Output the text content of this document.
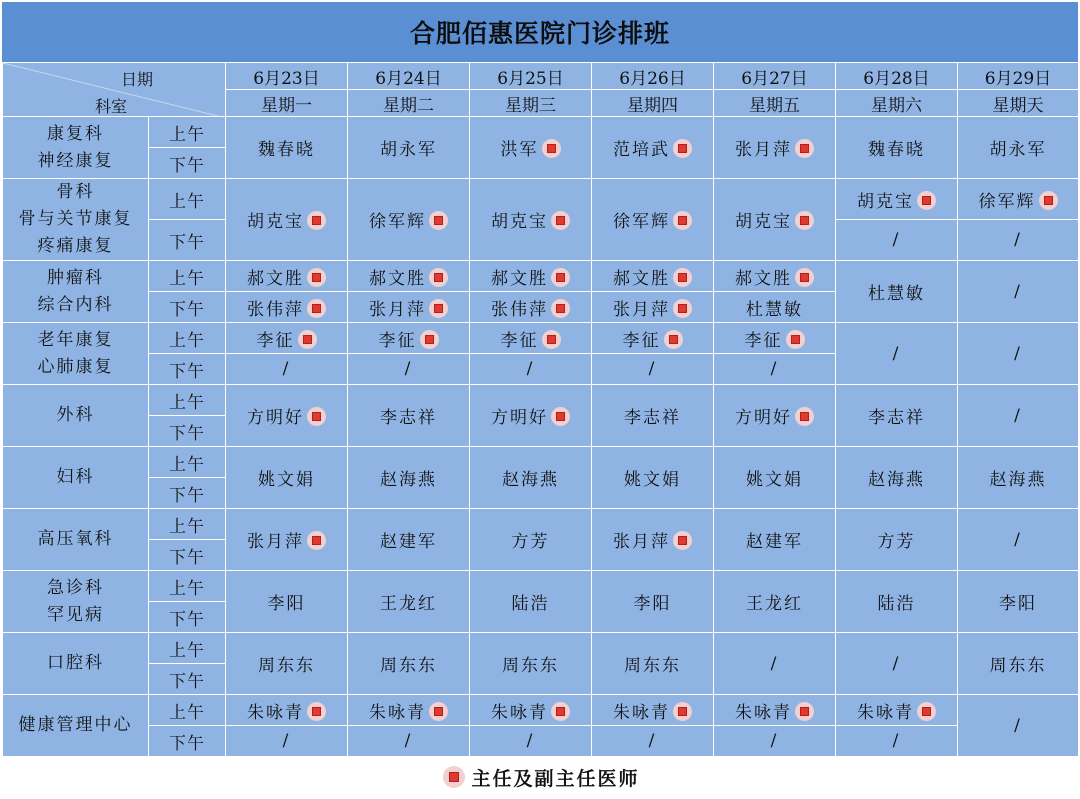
合肥佰惠医院门诊排班
日期
科室		6月23日	6月24日	6月25日	6月26日	6月27日	6月28日	6月29日
		星期一	星期二	星期三	星期四	星期五	星期六	星期天

康复科
神经康复	上午	魏春晓	胡永军	洪军	范培武	张月萍	魏春晓	胡永军
	下午							

骨科
骨与关节康复
疼痛康复	上午	胡克宝	徐军辉	胡克宝	徐军辉	胡克宝	胡克宝	徐军辉
	下午						/	/

肿瘤科
综合内科	上午	郝文胜	郝文胜	郝文胜	郝文胜	郝文胜	杜慧敏	/
	下午	张伟萍	张月萍	张伟萍	张月萍	杜慧敏		

老年康复
心肺康复	上午	李征	李征	李征	李征	李征	/	/
	下午	/	/	/	/	/		

外科	上午	方明好	李志祥	方明好	李志祥	方明好	李志祥	/
	下午							

妇科	上午	姚文娟	赵海燕	赵海燕	姚文娟	姚文娟	赵海燕	赵海燕
	下午							

高压氧科	上午	张月萍	赵建军	方芳	张月萍	赵建军	方芳	/
	下午							

急诊科
罕见病	上午	李阳	王龙红	陆浩	李阳	王龙红	陆浩	李阳
	下午							

口腔科	上午	周东东	周东东	周东东	周东东	/	/	周东东
	下午							

健康管理中心	上午	朱咏青	朱咏青	朱咏青	朱咏青	朱咏青	朱咏青	/
	下午	/	/	/	/	/	/	
主任及副主任医师
